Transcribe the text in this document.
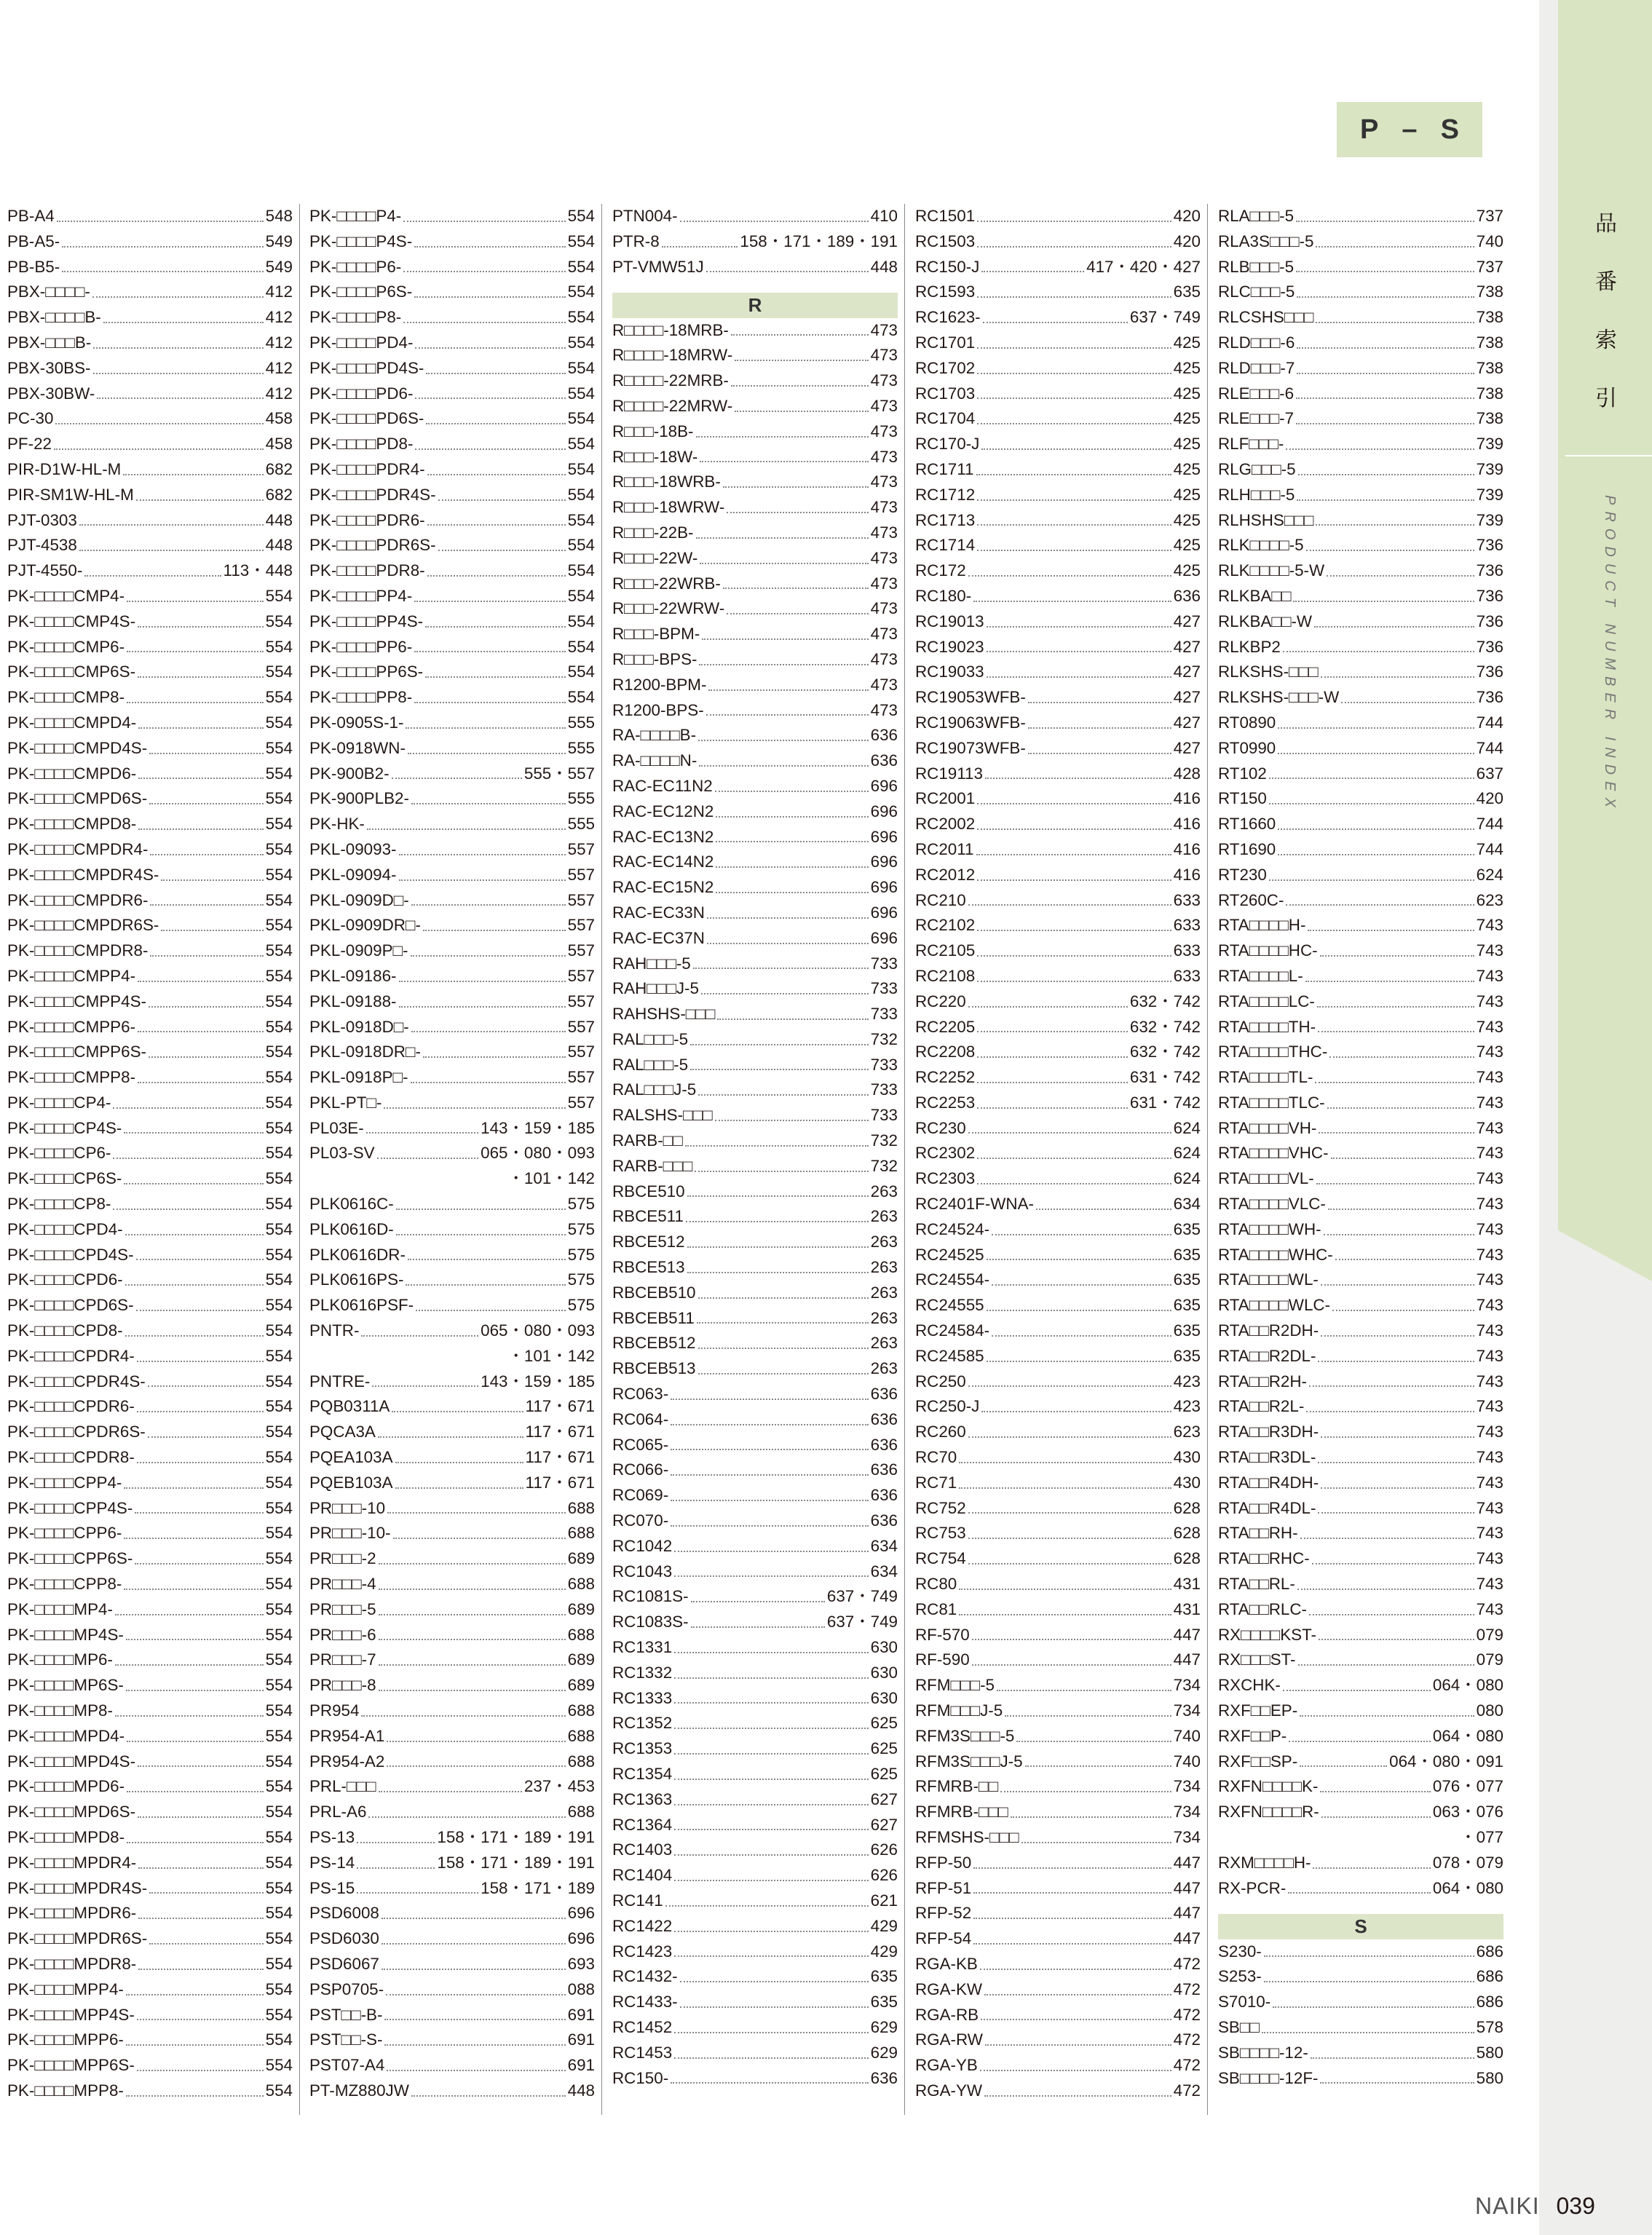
品
番
索
引
PRODUCT NUMBER INDEX
P – S
PB-A4	548
PB-A5-	549
PB-B5-	549
PBX-□□□□-	412
PBX-□□□□B-	412
PBX-□□□B-	412
PBX-30BS-	412
PBX-30BW-	412
PC-30	458
PF-22	458
PIR-D1W-HL-M	682
PIR-SM1W-HL-M	682
PJT-0303	448
PJT-4538	448
PJT-4550-	113・448
PK-□□□□CMP4-	554
PK-□□□□CMP4S-	554
PK-□□□□CMP6-	554
PK-□□□□CMP6S-	554
PK-□□□□CMP8-	554
PK-□□□□CMPD4-	554
PK-□□□□CMPD4S-	554
PK-□□□□CMPD6-	554
PK-□□□□CMPD6S-	554
PK-□□□□CMPD8-	554
PK-□□□□CMPDR4-	554
PK-□□□□CMPDR4S-	554
PK-□□□□CMPDR6-	554
PK-□□□□CMPDR6S-	554
PK-□□□□CMPDR8-	554
PK-□□□□CMPP4-	554
PK-□□□□CMPP4S-	554
PK-□□□□CMPP6-	554
PK-□□□□CMPP6S-	554
PK-□□□□CMPP8-	554
PK-□□□□CP4-	554
PK-□□□□CP4S-	554
PK-□□□□CP6-	554
PK-□□□□CP6S-	554
PK-□□□□CP8-	554
PK-□□□□CPD4-	554
PK-□□□□CPD4S-	554
PK-□□□□CPD6-	554
PK-□□□□CPD6S-	554
PK-□□□□CPD8-	554
PK-□□□□CPDR4-	554
PK-□□□□CPDR4S-	554
PK-□□□□CPDR6-	554
PK-□□□□CPDR6S-	554
PK-□□□□CPDR8-	554
PK-□□□□CPP4-	554
PK-□□□□CPP4S-	554
PK-□□□□CPP6-	554
PK-□□□□CPP6S-	554
PK-□□□□CPP8-	554
PK-□□□□MP4-	554
PK-□□□□MP4S-	554
PK-□□□□MP6-	554
PK-□□□□MP6S-	554
PK-□□□□MP8-	554
PK-□□□□MPD4-	554
PK-□□□□MPD4S-	554
PK-□□□□MPD6-	554
PK-□□□□MPD6S-	554
PK-□□□□MPD8-	554
PK-□□□□MPDR4-	554
PK-□□□□MPDR4S-	554
PK-□□□□MPDR6-	554
PK-□□□□MPDR6S-	554
PK-□□□□MPDR8-	554
PK-□□□□MPP4-	554
PK-□□□□MPP4S-	554
PK-□□□□MPP6-	554
PK-□□□□MPP6S-	554
PK-□□□□MPP8-	554
PK-□□□□P4-	554
PK-□□□□P4S-	554
PK-□□□□P6-	554
PK-□□□□P6S-	554
PK-□□□□P8-	554
PK-□□□□PD4-	554
PK-□□□□PD4S-	554
PK-□□□□PD6-	554
PK-□□□□PD6S-	554
PK-□□□□PD8-	554
PK-□□□□PDR4-	554
PK-□□□□PDR4S-	554
PK-□□□□PDR6-	554
PK-□□□□PDR6S-	554
PK-□□□□PDR8-	554
PK-□□□□PP4-	554
PK-□□□□PP4S-	554
PK-□□□□PP6-	554
PK-□□□□PP6S-	554
PK-□□□□PP8-	554
PK-0905S-1-	555
PK-0918WN-	555
PK-900B2-	555・557
PK-900PLB2-	555
PK-HK-	555
PKL-09093-	557
PKL-09094-	557
PKL-0909D□-	557
PKL-0909DR□-	557
PKL-0909P□-	557
PKL-09186-	557
PKL-09188-	557
PKL-0918D□-	557
PKL-0918DR□-	557
PKL-0918P□-	557
PKL-PT□-	557
PL03E-	143・159・185
PL03-SV	065・080・093
・101・142
PLK0616C-	575
PLK0616D-	575
PLK0616DR-	575
PLK0616PS-	575
PLK0616PSF-	575
PNTR-	065・080・093
・101・142
PNTRE-	143・159・185
PQB0311A	117・671
PQCA3A	117・671
PQEA103A	117・671
PQEB103A	117・671
PR□□□-10	688
PR□□□-10-	688
PR□□□-2	689
PR□□□-4	688
PR□□□-5	689
PR□□□-6	688
PR□□□-7	689
PR□□□-8	689
PR954	688
PR954-A1	688
PR954-A2	688
PRL-□□□	237・453
PRL-A6	688
PS-13	158・171・189・191
PS-14	158・171・189・191
PS-15	158・171・189
PSD6008	696
PSD6030	696
PSD6067	693
PSP0705-	088
PST□□-B-	691
PST□□-S-	691
PST07-A4	691
PT-MZ880JW	448
PTN004-	410
PTR-8	158・171・189・191
PT-VMW51J	448
R
R□□□□-18MRB-	473
R□□□□-18MRW-	473
R□□□□-22MRB-	473
R□□□□-22MRW-	473
R□□□-18B-	473
R□□□-18W-	473
R□□□-18WRB-	473
R□□□-18WRW-	473
R□□□-22B-	473
R□□□-22W-	473
R□□□-22WRB-	473
R□□□-22WRW-	473
R□□□-BPM-	473
R□□□-BPS-	473
R1200-BPM-	473
R1200-BPS-	473
RA-□□□□B-	636
RA-□□□□N-	636
RAC-EC11N2	696
RAC-EC12N2	696
RAC-EC13N2	696
RAC-EC14N2	696
RAC-EC15N2	696
RAC-EC33N	696
RAC-EC37N	696
RAH□□□-5	733
RAH□□□J-5	733
RAHSHS-□□□	733
RAL□□□-5	732
RAL□□□-5	733
RAL□□□J-5	733
RALSHS-□□□	733
RARB-□□	732
RARB-□□□	732
RBCE510	263
RBCE511	263
RBCE512	263
RBCE513	263
RBCEB510	263
RBCEB511	263
RBCEB512	263
RBCEB513	263
RC063-	636
RC064-	636
RC065-	636
RC066-	636
RC069-	636
RC070-	636
RC1042	634
RC1043	634
RC1081S-	637・749
RC1083S-	637・749
RC1331	630
RC1332	630
RC1333	630
RC1352	625
RC1353	625
RC1354	625
RC1363	627
RC1364	627
RC1403	626
RC1404	626
RC141	621
RC1422	429
RC1423	429
RC1432-	635
RC1433-	635
RC1452	629
RC1453	629
RC150-	636
RC1501	420
RC1503	420
RC150-J	417・420・427
RC1593	635
RC1623-	637・749
RC1701	425
RC1702	425
RC1703	425
RC1704	425
RC170-J	425
RC1711	425
RC1712	425
RC1713	425
RC1714	425
RC172	425
RC180-	636
RC19013	427
RC19023	427
RC19033	427
RC19053WFB-	427
RC19063WFB-	427
RC19073WFB-	427
RC19113	428
RC2001	416
RC2002	416
RC2011	416
RC2012	416
RC210	633
RC2102	633
RC2105	633
RC2108	633
RC220	632・742
RC2205	632・742
RC2208	632・742
RC2252	631・742
RC2253	631・742
RC230	624
RC2302	624
RC2303	624
RC2401F-WNA-	634
RC24524-	635
RC24525	635
RC24554-	635
RC24555	635
RC24584-	635
RC24585	635
RC250	423
RC250-J	423
RC260	623
RC70	430
RC71	430
RC752	628
RC753	628
RC754	628
RC80	431
RC81	431
RF-570	447
RF-590	447
RFM□□□-5	734
RFM□□□J-5	734
RFM3S□□□-5	740
RFM3S□□□J-5	740
RFMRB-□□	734
RFMRB-□□□	734
RFMSHS-□□□	734
RFP-50	447
RFP-51	447
RFP-52	447
RFP-54	447
RGA-KB	472
RGA-KW	472
RGA-RB	472
RGA-RW	472
RGA-YB	472
RGA-YW	472
RLA□□□-5	737
RLA3S□□□-5	740
RLB□□□-5	737
RLC□□□-5	738
RLCSHS□□□	738
RLD□□□-6	738
RLD□□□-7	738
RLE□□□-6	738
RLE□□□-7	738
RLF□□□-	739
RLG□□□-5	739
RLH□□□-5	739
RLHSHS□□□	739
RLK□□□□-5	736
RLK□□□□-5-W	736
RLKBA□□	736
RLKBA□□-W	736
RLKBP2	736
RLKSHS-□□□	736
RLKSHS-□□□-W	736
RT0890	744
RT0990	744
RT102	637
RT150	420
RT1660	744
RT1690	744
RT230	624
RT260C-	623
RTA□□□□H-	743
RTA□□□□HC-	743
RTA□□□□L-	743
RTA□□□□LC-	743
RTA□□□□TH-	743
RTA□□□□THC-	743
RTA□□□□TL-	743
RTA□□□□TLC-	743
RTA□□□□VH-	743
RTA□□□□VHC-	743
RTA□□□□VL-	743
RTA□□□□VLC-	743
RTA□□□□WH-	743
RTA□□□□WHC-	743
RTA□□□□WL-	743
RTA□□□□WLC-	743
RTA□□R2DH-	743
RTA□□R2DL-	743
RTA□□R2H-	743
RTA□□R2L-	743
RTA□□R3DH-	743
RTA□□R3DL-	743
RTA□□R4DH-	743
RTA□□R4DL-	743
RTA□□RH-	743
RTA□□RHC-	743
RTA□□RL-	743
RTA□□RLC-	743
RX□□□□KST-	079
RX□□□ST-	079
RXCHK-	064・080
RXF□□EP-	080
RXF□□P-	064・080
RXF□□SP-	064・080・091
RXFN□□□□K-	076・077
RXFN□□□□R-	063・076
・077
RXM□□□□H-	078・079
RX-PCR-	064・080
S
S230-	686
S253-	686
S7010-	686
SB□□	578
SB□□□□-12-	580
SB□□□□-12F-	580
NAIKI 039
